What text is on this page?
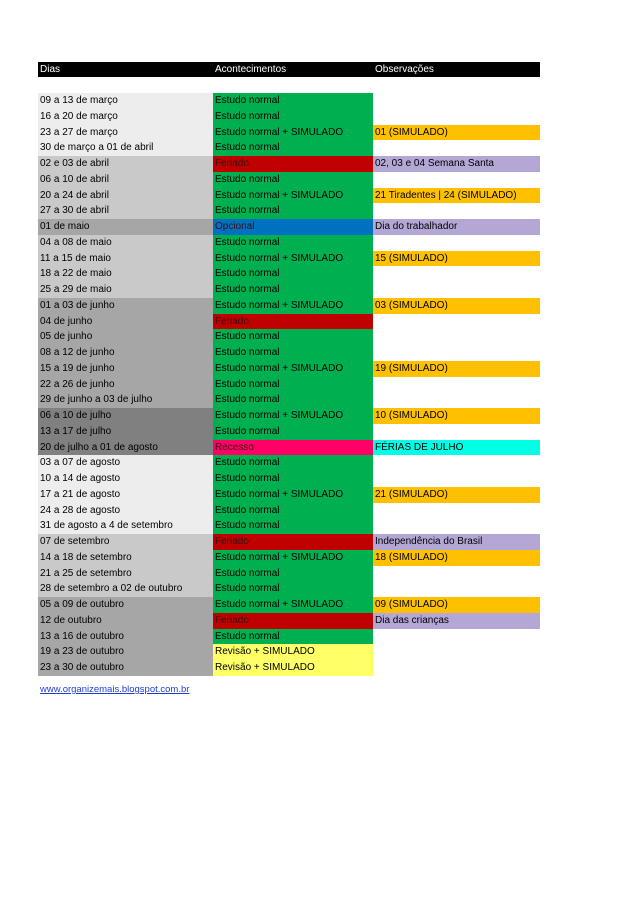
Dias	Acontecimentos	Observações
09 a 13 de março	Estudo normal
16 a 20 de março	Estudo normal
23 a 27 de março	Estudo normal + SIMULADO	01 (SIMULADO)
30 de março a 01 de abril	Estudo normal
02 e 03 de abril	Feriado	02, 03 e 04 Semana Santa
06 a 10 de abril	Estudo normal
20 a 24 de abril	Estudo normal + SIMULADO	21 Tiradentes | 24 (SIMULADO)
27 a 30 de abril	Estudo normal
01 de maio	Opcional	Dia do trabalhador
04 a 08 de maio	Estudo normal
11 a 15 de maio	Estudo normal + SIMULADO	15 (SIMULADO)
18 a 22 de maio	Estudo normal
25 a 29 de maio	Estudo normal
01 a 03 de junho	Estudo normal + SIMULADO	03 (SIMULADO)
04 de junho	Feriado
05 de junho	Estudo normal
08 a 12 de junho	Estudo normal
15 a 19 de junho	Estudo normal + SIMULADO	19 (SIMULADO)
22 a 26 de junho	Estudo normal
29 de junho a 03 de julho	Estudo normal
06 a 10 de julho	Estudo normal + SIMULADO	10 (SIMULADO)
13 a 17 de julho	Estudo normal
20 de julho a 01 de agosto	Recesso	FÉRIAS DE JULHO
03 a 07 de agosto	Estudo normal
10 a 14 de agosto	Estudo normal
17 a 21 de agosto	Estudo normal + SIMULADO	21 (SIMULADO)
24 a 28 de agosto	Estudo normal
31 de agosto a 4 de setembro	Estudo normal
07 de setembro	Feriado	Independência do Brasil
14 a 18 de setembro	Estudo normal + SIMULADO	18 (SIMULADO)
21 a 25 de setembro	Estudo normal
28 de setembro a 02 de outubro	Estudo normal
05 a 09 de outubro	Estudo normal + SIMULADO	09 (SIMULADO)
12 de outubro	Feriado	Dia das crianças
13 a 16 de outubro	Estudo normal
19 a 23 de outubro	Revisão + SIMULADO
23 a 30 de outubro	Revisão + SIMULADO
www.organizemais.blogspot.com.br
